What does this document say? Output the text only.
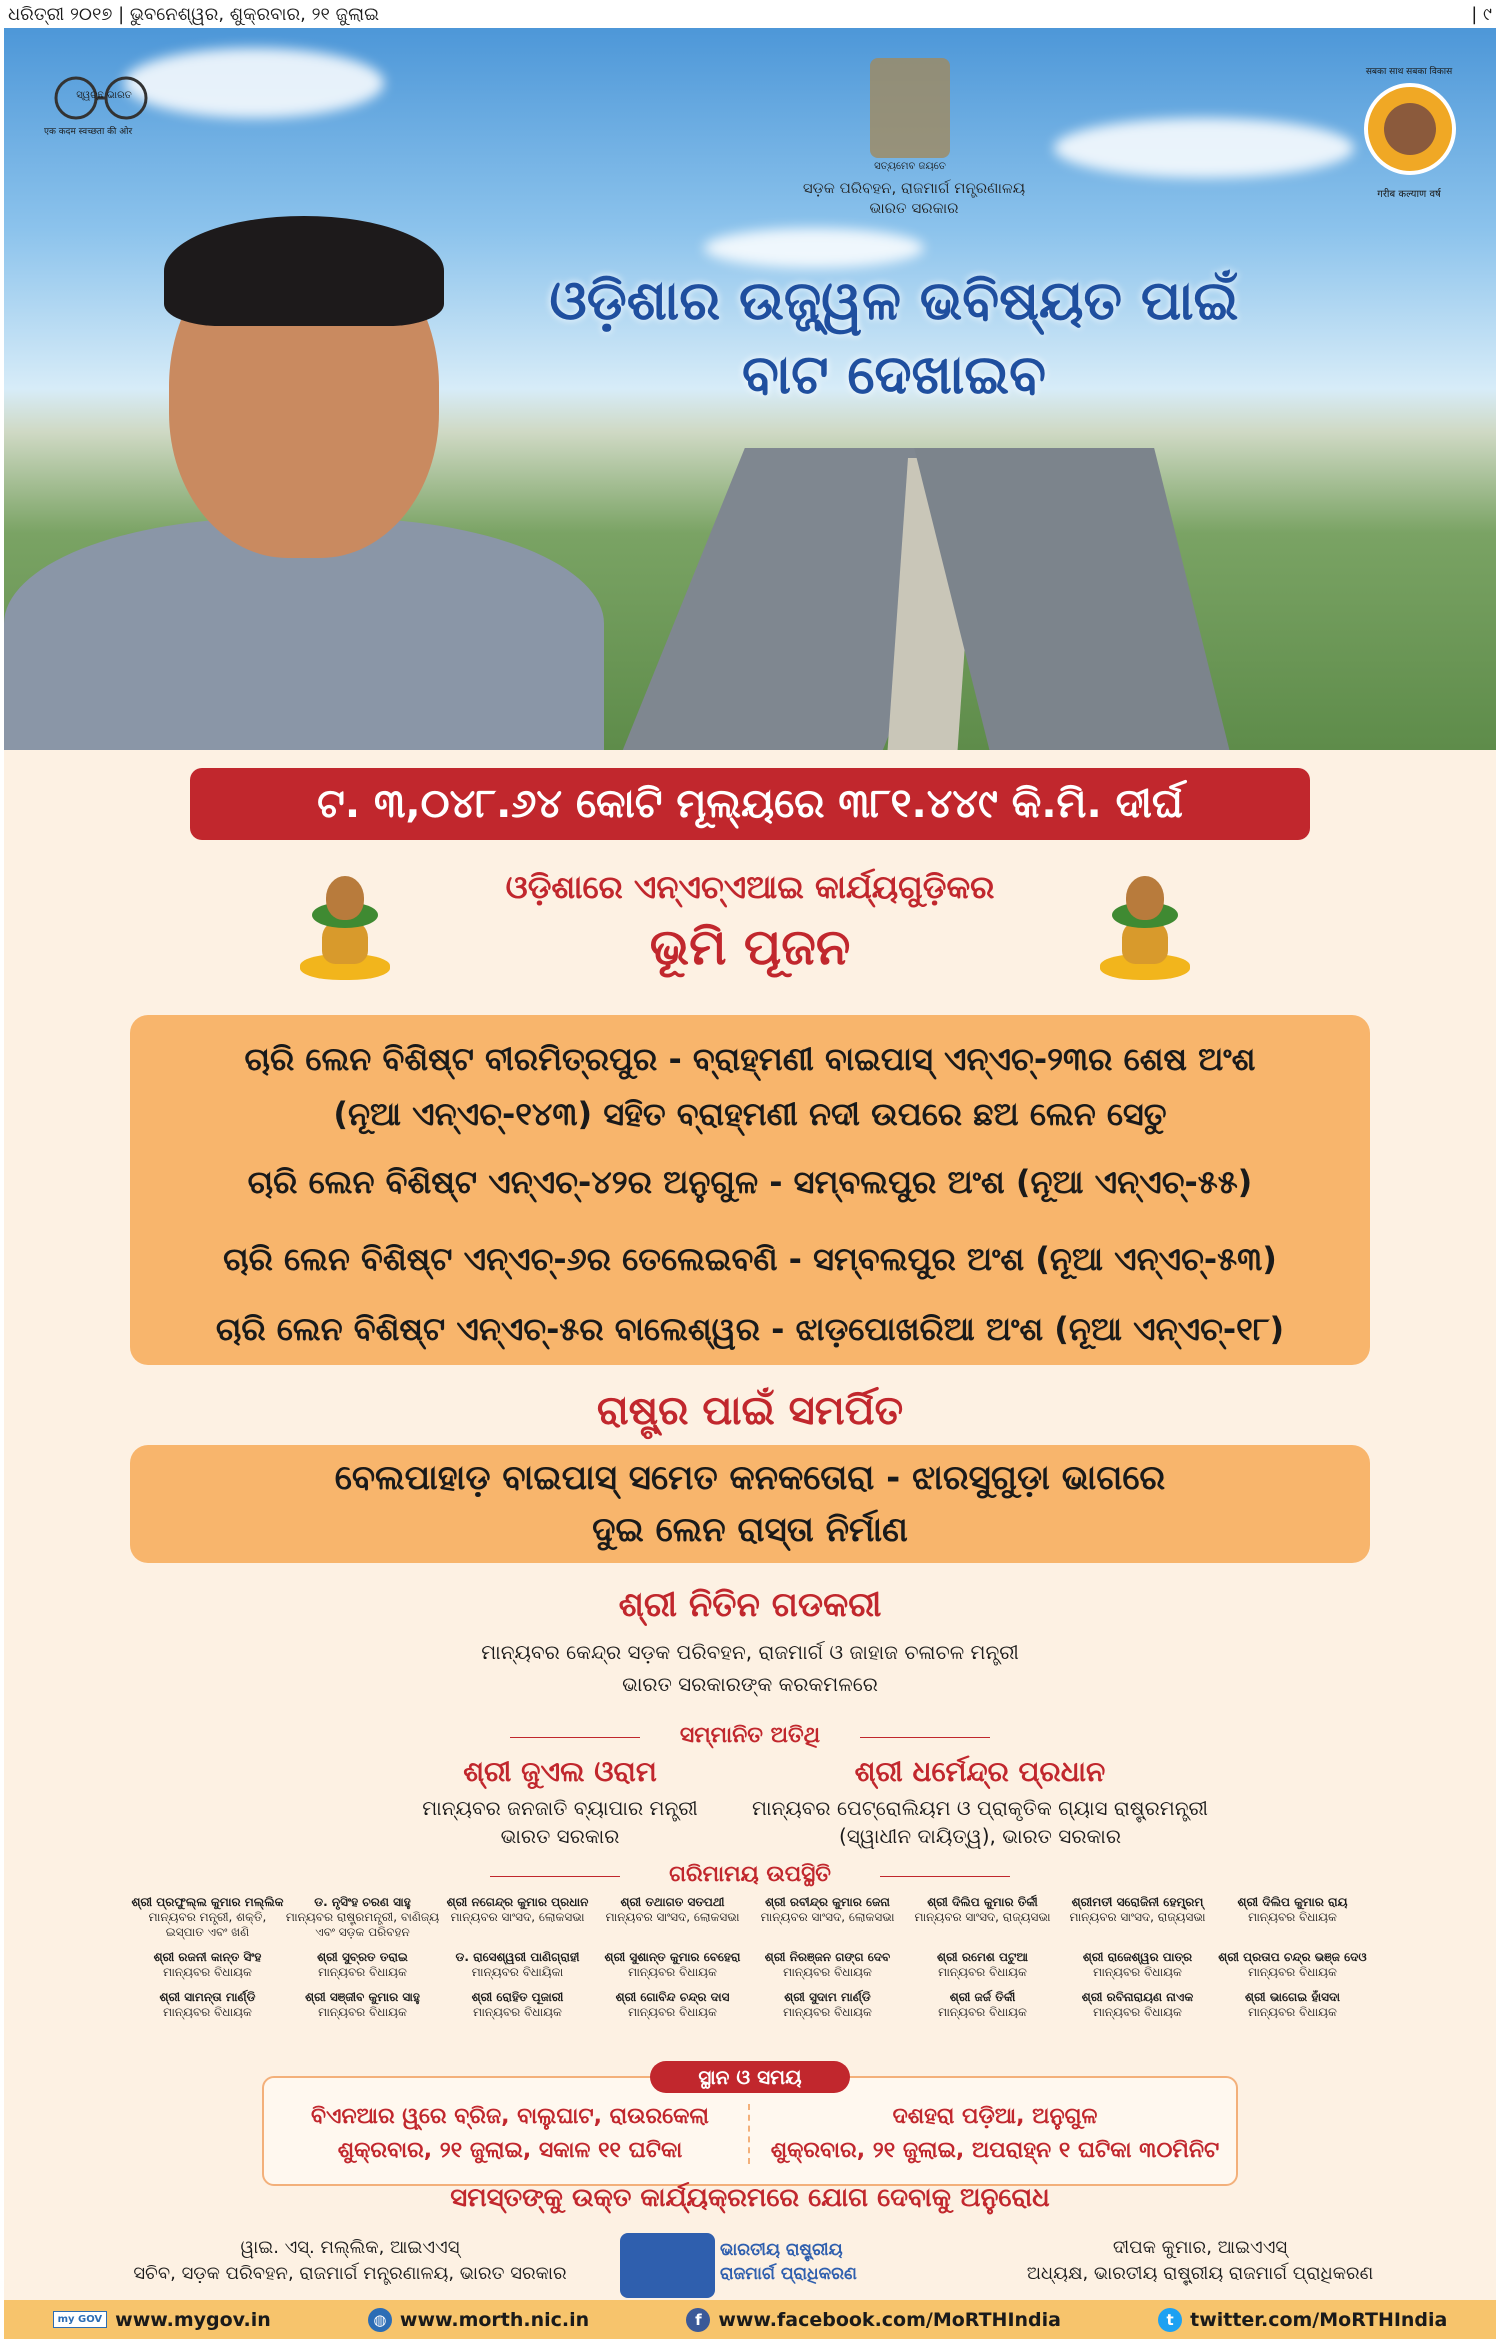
ଧରିତ୍ରୀ ୨୦୧୭ | ଭୁବନେଶ୍ୱର, ଶୁକ୍ରବାର, ୨୧ ଜୁଲାଇ	| ୯
ସ୍ୱଚ୍ଛ ଭାରତ
एक कदम स्वच्छता की ओर
ସତ୍ୟମେବ ଜୟତେ
ସଡ଼କ ପରିବହନ, ରାଜମାର୍ଗ ମନ୍ତ୍ରଣାଳୟ
ଭାରତ ସରକାର
सबका साथ सबका विकास
गरीब कल्याण वर्ष
ଓଡ଼ିଶାର ଉଜ୍ଜ୍ୱଳ ଭବିଷ୍ୟତ ପାଇଁ
ବାଟ ଦେଖାଇବ
ଟ. ୩,୦୪୮.୬୪ କୋଟି ମୂଲ୍ୟରେ ୩୮୧.୪୪୯ କି.ମି. ଦୀର୍ଘ
ଓଡ଼ିଶାରେ ଏନ୍‌ଏଚ୍‌ଏଆଇ କାର୍ଯ୍ୟଗୁଡ଼ିକର
ଭୂମି ପୂଜନ
ଚାରି ଲେନ ବିଶିଷ୍ଟ ବୀରମିତ୍ରପୁର - ବ୍ରାହ୍ମଣୀ ବାଇପାସ୍ ଏନ୍‌ଏଚ୍-୨୩ର ଶେଷ ଅଂଶ
(ନୂଆ ଏନ୍‌ଏଚ୍-୧୪୩) ସହିତ ବ୍ରାହ୍ମଣୀ ନଦୀ ଉପରେ ଛଅ ଲେନ ସେତୁ
ଚାରି ଲେନ ବିଶିଷ୍ଟ ଏନ୍‌ଏଚ୍-୪୨ର ଅନୁଗୁଳ - ସମ୍ବଲପୁର ଅଂଶ (ନୂଆ ଏନ୍‌ଏଚ୍-୫୫)
ଚାରି ଲେନ ବିଶିଷ୍ଟ ଏନ୍‌ଏଚ୍-୬ର ତେଲେଇବଣି - ସମ୍ବଲପୁର ଅଂଶ (ନୂଆ ଏନ୍‌ଏଚ୍-୫୩)
ଚାରି ଲେନ ବିଶିଷ୍ଟ ଏନ୍‌ଏଚ୍-୫ର ବାଲେଶ୍ୱର - ଝାଡ଼ପୋଖରିଆ ଅଂଶ (ନୂଆ ଏନ୍‌ଏଚ୍-୧୮)
ରାଷ୍ଟ୍ର ପାଇଁ ସମର୍ପିତ
ବେଲପାହାଡ଼ ବାଇପାସ୍ ସମେତ କନକତୋରା - ଝାରସୁଗୁଡ଼ା ଭାଗରେ
ଦୁଇ ଲେନ ରାସ୍ତା ନିର୍ମାଣ
ଶ୍ରୀ ନିତିନ ଗଡକରୀ
ମାନ୍ୟବର କେନ୍ଦ୍ର ସଡ଼କ ପରିବହନ, ରାଜମାର୍ଗ ଓ ଜାହାଜ ଚଳାଚଳ ମନ୍ତ୍ରୀ
ଭାରତ ସରକାରଙ୍କ କରକମଳରେ
ସମ୍ମାନିତ ଅତିଥି
ଶ୍ରୀ ଜୁଏଲ ଓରାମ
ମାନ୍ୟବର ଜନଜାତି ବ୍ୟାପାର ମନ୍ତ୍ରୀ
ଭାରତ ସରକାର
ଶ୍ରୀ ଧର୍ମେନ୍ଦ୍ର ପ୍ରଧାନ
ମାନ୍ୟବର ପେଟ୍ରୋଲିୟମ ଓ ପ୍ରାକୃତିକ ଗ୍ୟାସ ରାଷ୍ଟ୍ରମନ୍ତ୍ରୀ
(ସ୍ୱାଧୀନ ଦାୟିତ୍ୱ), ଭାରତ ସରକାର
ଗରିମାମୟ ଉପସ୍ଥିତି
ଶ୍ରୀ ପ୍ରଫୁଲ୍ଲ କୁମାର ମଲ୍ଲିକ
ମାନ୍ୟବର ମନ୍ତ୍ରୀ, ଶକ୍ତି, ଇସ୍ପାତ ଏବଂ ଖଣି
ଡ. ନୃସିଂହ ଚରଣ ସାହୁ
ମାନ୍ୟବର ରାଷ୍ଟ୍ରମନ୍ତ୍ରୀ, ବାଣିଜ୍ୟ ଏବଂ ସଡ଼କ ପରିବହନ
ଶ୍ରୀ ନଗେନ୍ଦ୍ର କୁମାର ପ୍ରଧାନ
ମାନ୍ୟବର ସାଂସଦ, ଲୋକସଭା
ଶ୍ରୀ ତଥାଗତ ସତପଥୀ
ମାନ୍ୟବର ସାଂସଦ, ଲୋକସଭା
ଶ୍ରୀ ରବୀନ୍ଦ୍ର କୁମାର ଜେନା
ମାନ୍ୟବର ସାଂସଦ, ଲୋକସଭା
ଶ୍ରୀ ଦିଲିପ କୁମାର ତିର୍କୀ
ମାନ୍ୟବର ସାଂସଦ, ରାଜ୍ୟସଭା
ଶ୍ରୀମତୀ ସରୋଜିନୀ ହେମ୍ବ୍ରମ୍
ମାନ୍ୟବର ସାଂସଦ, ରାଜ୍ୟସଭା
ଶ୍ରୀ ଦିଲିପ କୁମାର ରାୟ
ମାନ୍ୟବର ବିଧାୟକ
ଶ୍ରୀ ରଜନୀ କାନ୍ତ ସିଂହ
ମାନ୍ୟବର ବିଧାୟକ
ଶ୍ରୀ ସୁବ୍ରତ ତରାଇ
ମାନ୍ୟବର ବିଧାୟକ
ଡ. ରାସେଶ୍ୱରୀ ପାଣିଗ୍ରାହୀ
ମାନ୍ୟବର ବିଧାୟିକା
ଶ୍ରୀ ସୁଶାନ୍ତ କୁମାର ବେହେରା
ମାନ୍ୟବର ବିଧାୟକ
ଶ୍ରୀ ନିରଞ୍ଜନ ଗଙ୍ଗ ଦେବ
ମାନ୍ୟବର ବିଧାୟକ
ଶ୍ରୀ ରମେଶ ପଟୁଆ
ମାନ୍ୟବର ବିଧାୟକ
ଶ୍ରୀ ରାଜେଶ୍ୱର ପାତ୍ର
ମାନ୍ୟବର ବିଧାୟକ
ଶ୍ରୀ ପ୍ରତାପ ଚନ୍ଦ୍ର ଭଞ୍ଜ ଦେଓ
ମାନ୍ୟବର ବିଧାୟକ
ଶ୍ରୀ ସାମନ୍ତା ମାର୍ଣ୍ଡି
ମାନ୍ୟବର ବିଧାୟକ
ଶ୍ରୀ ସଞ୍ଜୀବ କୁମାର ସାହୁ
ମାନ୍ୟବର ବିଧାୟକ
ଶ୍ରୀ ରୋହିତ ପୂଜାରୀ
ମାନ୍ୟବର ବିଧାୟକ
ଶ୍ରୀ ଗୋବିନ୍ଦ ଚନ୍ଦ୍ର ଦାସ
ମାନ୍ୟବର ବିଧାୟକ
ଶ୍ରୀ ସୁଦାମ ମାର୍ଣ୍ଡି
ମାନ୍ୟବର ବିଧାୟକ
ଶ୍ରୀ ଜର୍ଜ ତିର୍କୀ
ମାନ୍ୟବର ବିଧାୟକ
ଶ୍ରୀ ରବିନାରାୟଣ ନାଏକ
ମାନ୍ୟବର ବିଧାୟକ
ଶ୍ରୀ ଭାଗେଇ ହାଁସଦା
ମାନ୍ୟବର ବିଧାୟକ
ସ୍ଥାନ ଓ ସମୟ
ବିଏନଆର ୱ୍ରେ ବ୍ରିଜ, ବାଲୁଘାଟ, ରାଉରକେଲା
ଶୁକ୍ରବାର, ୨୧ ଜୁଲାଇ, ସକାଳ ୧୧ ଘଟିକା
ଦଶହରା ପଡ଼ିଆ, ଅନୁଗୁଳ
ଶୁକ୍ରବାର, ୨୧ ଜୁଲାଇ, ଅପରାହ୍ନ ୧ ଘଟିକା ୩୦ମିନିଟ
ସମସ୍ତଙ୍କୁ ଉକ୍ତ କାର୍ଯ୍ୟକ୍ରମରେ ଯୋଗ ଦେବାକୁ ଅନୁରୋଧ
ୱାଇ. ଏସ୍. ମଲ୍ଲିକ, ଆଇଏଏସ୍
ସଚିବ, ସଡ଼କ ପରିବହନ, ରାଜମାର୍ଗ ମନ୍ତ୍ରଣାଳୟ, ଭାରତ ସରକାର
ଭାରତୀୟ ରାଷ୍ଟ୍ରୀୟ
ରାଜମାର୍ଗ ପ୍ରାଧିକରଣ
ଦୀପକ କୁମାର, ଆଇଏଏସ୍
ଅଧ୍ୟକ୍ଷ, ଭାରତୀୟ ରାଷ୍ଟ୍ରୀୟ ରାଜମାର୍ଗ ପ୍ରାଧିକରଣ
my GOV www.mygov.in	◍ www.morth.nic.in	f www.facebook.com/MoRTHIndia	t twitter.com/MoRTHIndia
